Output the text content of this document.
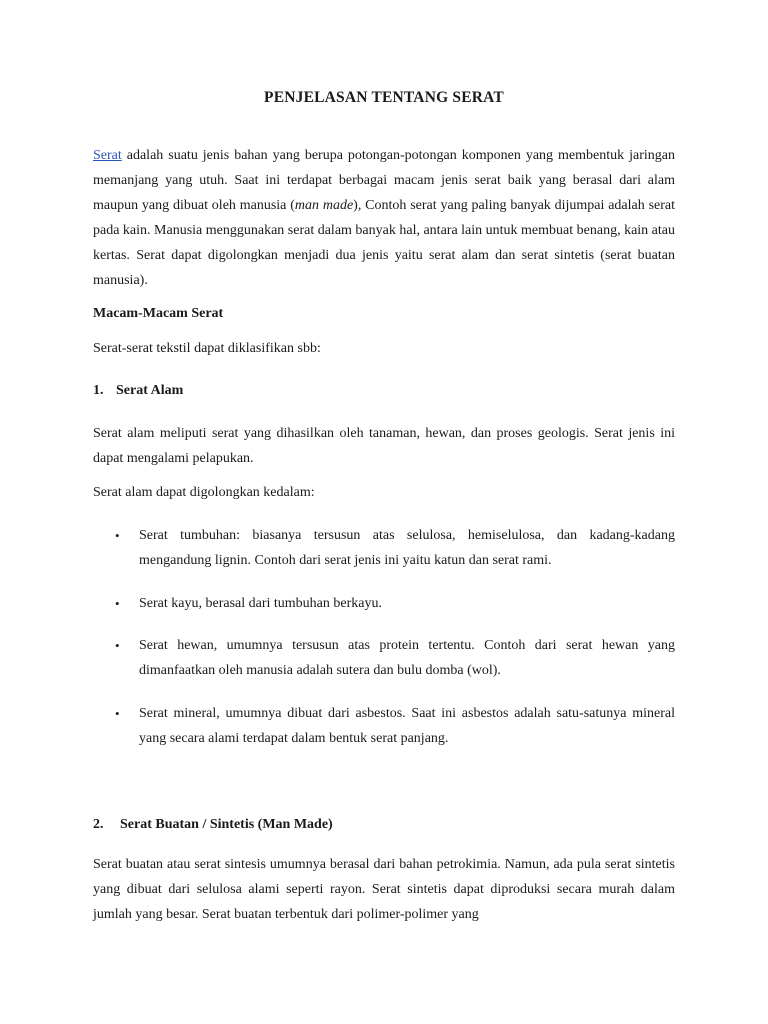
PENJELASAN TENTANG SERAT

Serat adalah suatu jenis bahan yang berupa potongan-potongan komponen yang membentuk jaringan memanjang yang utuh. Saat ini terdapat berbagai macam jenis serat baik yang berasal dari alam maupun yang dibuat oleh manusia (man made), Contoh serat yang paling banyak dijumpai adalah serat pada kain. Manusia menggunakan serat dalam banyak hal, antara lain untuk membuat benang, kain atau kertas. Serat dapat digolongkan menjadi dua jenis yaitu serat alam dan serat sintetis (serat buatan manusia).

Macam-Macam Serat

Serat-serat tekstil dapat diklasifikan sbb:

1. Serat Alam

Serat alam meliputi serat yang dihasilkan oleh tanaman, hewan, dan proses geologis. Serat jenis ini dapat mengalami pelapukan.

Serat alam dapat digolongkan kedalam:

• Serat tumbuhan: biasanya tersusun atas selulosa, hemiselulosa, dan kadang-kadang mengandung lignin. Contoh dari serat jenis ini yaitu katun dan serat rami.
• Serat kayu, berasal dari tumbuhan berkayu.
• Serat hewan, umumnya tersusun atas protein tertentu. Contoh dari serat hewan yang dimanfaatkan oleh manusia adalah sutera dan bulu domba (wol).
• Serat mineral, umumnya dibuat dari asbestos. Saat ini asbestos adalah satu-satunya mineral yang secara alami terdapat dalam bentuk serat panjang.

2. Serat Buatan / Sintetis (Man Made)

Serat buatan atau serat sintesis umumnya berasal dari bahan petrokimia. Namun, ada pula serat sintetis yang dibuat dari selulosa alami seperti rayon. Serat sintetis dapat diproduksi secara murah dalam jumlah yang besar. Serat buatan terbentuk dari polimer-polimer yang
